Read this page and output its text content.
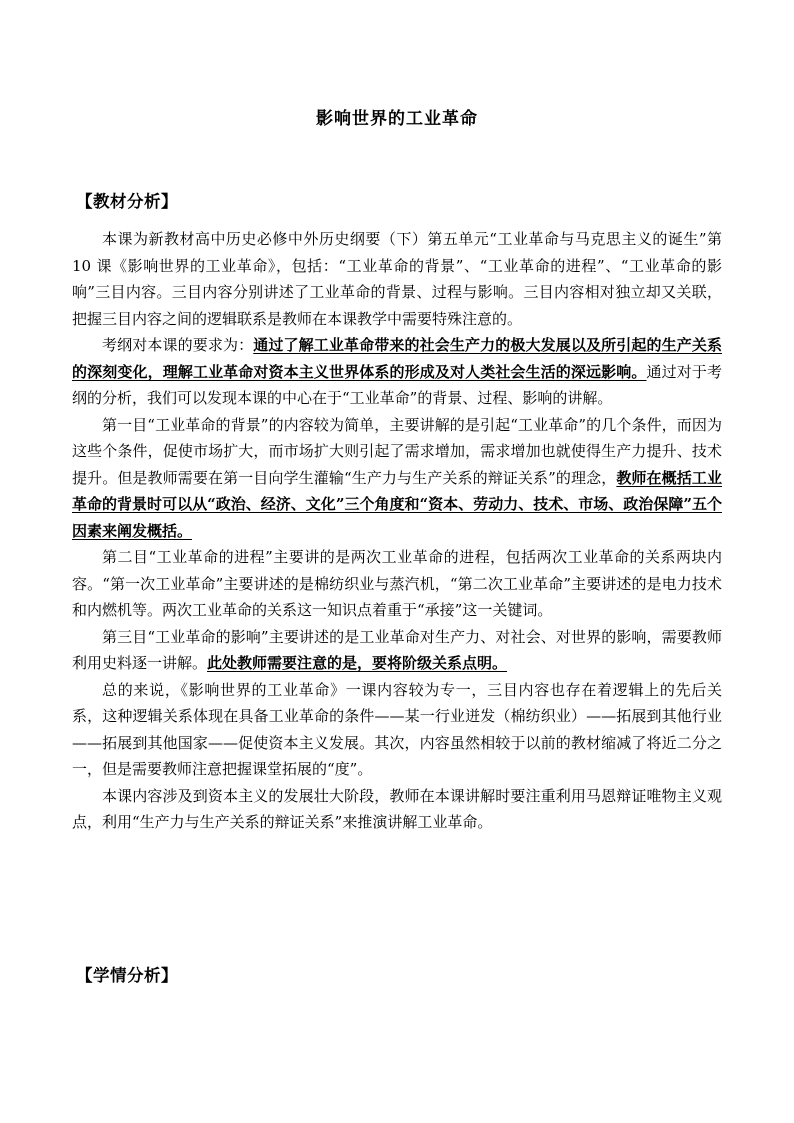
影响世界的工业革命
【教材分析】

本课为新教材高中历史必修中外历史纲要（下）第五单元“工业革命与马克思主义的诞生”第 10 课《影响世界的工业革命》，包括：“工业革命的背景”、“工业革命的进程”、“工业革命的影响”三目内容。三目内容分别讲述了工业革命的背景、过程与影响。三目内容相对独立却又关联，把握三目内容之间的逻辑联系是教师在本课教学中需要特殊注意的。

考纲对本课的要求为：通过了解工业革命带来的社会生产力的极大发展以及所引起的生产关系的深刻变化，理解工业革命对资本主义世界体系的形成及对人类社会生活的深远影响。通过对于考纲的分析，我们可以发现本课的中心在于“工业革命”的背景、过程、影响的讲解。

第一目“工业革命的背景”的内容较为简单，主要讲解的是引起“工业革命”的几个条件，而因为这些个条件，促使市场扩大，而市场扩大则引起了需求增加，需求增加也就使得生产力提升、技术提升。但是教师需要在第一目向学生灌输“生产力与生产关系的辩证关系”的理念，教师在概括工业革命的背景时可以从“政治、经济、文化”三个角度和“资本、劳动力、技术、市场、政治保障”五个因素来阐发概括。

第二目“工业革命的进程”主要讲的是两次工业革命的进程，包括两次工业革命的关系两块内容。“第一次工业革命”主要讲述的是棉纺织业与蒸汽机，“第二次工业革命”主要讲述的是电力技术和内燃机等。两次工业革命的关系这一知识点着重于“承接”这一关键词。

第三目“工业革命的影响”主要讲述的是工业革命对生产力、对社会、对世界的影响，需要教师利用史料逐一讲解。此处教师需要注意的是，要将阶级关系点明。

总的来说，《影响世界的工业革命》一课内容较为专一，三目内容也存在着逻辑上的先后关系，这种逻辑关系体现在具备工业革命的条件——某一行业迸发（棉纺织业）——拓展到其他行业——拓展到其他国家——促使资本主义发展。其次，内容虽然相较于以前的教材缩减了将近二分之一，但是需要教师注意把握课堂拓展的“度”。

本课内容涉及到资本主义的发展壮大阶段，教师在本课讲解时要注重利用马恩辩证唯物主义观点，利用“生产力与生产关系的辩证关系”来推演讲解工业革命。

【学情分析】
